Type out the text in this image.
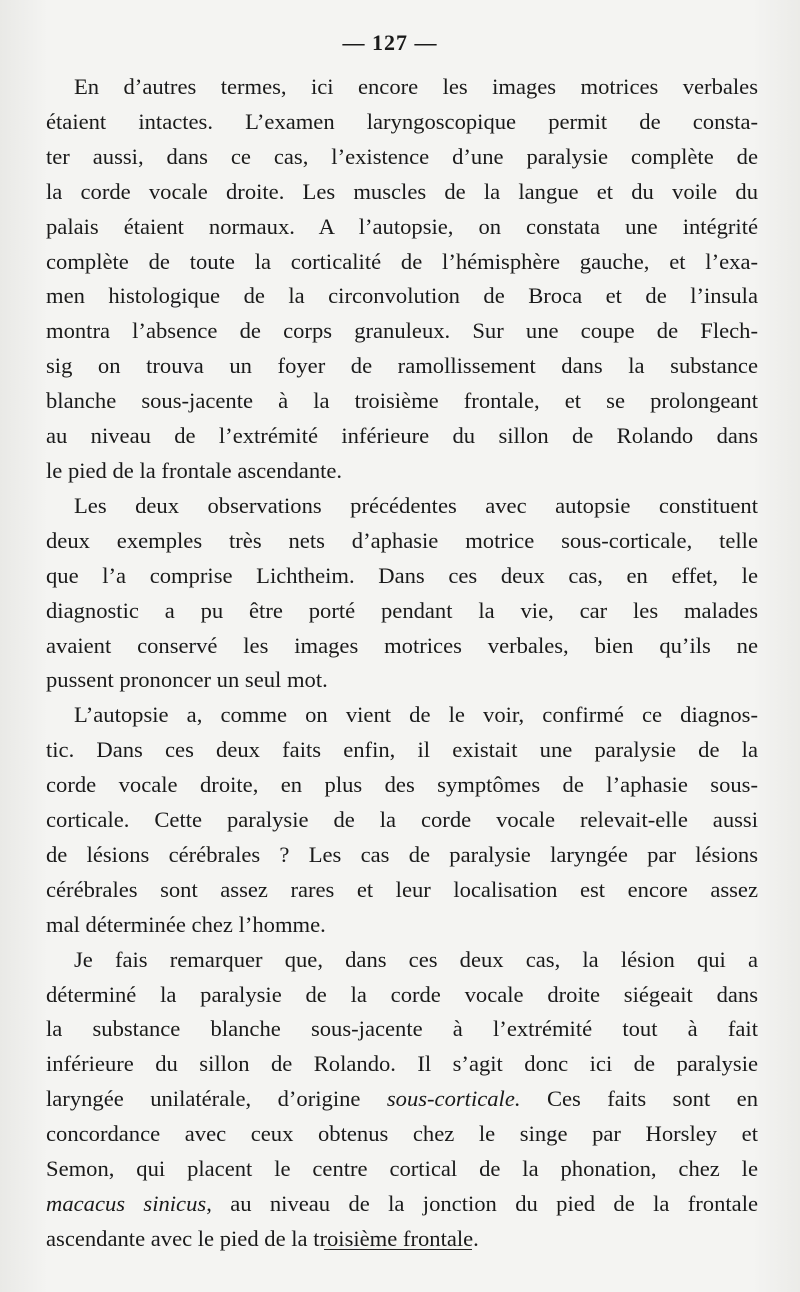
— 127 —

En d’autres termes, ici encore les images motrices verbales
étaient intactes. L’examen laryngoscopique permit de consta-
ter aussi, dans ce cas, l’existence d’une paralysie complète de
la corde vocale droite. Les muscles de la langue et du voile du
palais étaient normaux. A l’autopsie, on constata une intégrité
complète de toute la corticalité de l’hémisphère gauche, et l’exa-
men histologique de la circonvolution de Broca et de l’insula
montra l’absence de corps granuleux. Sur une coupe de Flech-
sig on trouva un foyer de ramollissement dans la substance
blanche sous-jacente à la troisième frontale, et se prolongeant
au niveau de l’extrémité inférieure du sillon de Rolando dans
le pied de la frontale ascendante.

Les deux observations précédentes avec autopsie constituent
deux exemples très nets d’aphasie motrice sous-corticale, telle
que l’a comprise Lichtheim. Dans ces deux cas, en effet, le
diagnostic a pu être porté pendant la vie, car les malades
avaient conservé les images motrices verbales, bien qu’ils ne
pussent prononcer un seul mot.

L’autopsie a, comme on vient de le voir, confirmé ce diagnos-
tic. Dans ces deux faits enfin, il existait une paralysie de la
corde vocale droite, en plus des symptômes de l’aphasie sous-
corticale. Cette paralysie de la corde vocale relevait-elle aussi
de lésions cérébrales ? Les cas de paralysie laryngée par lésions
cérébrales sont assez rares et leur localisation est encore assez
mal déterminée chez l’homme.

Je fais remarquer que, dans ces deux cas, la lésion qui a
déterminé la paralysie de la corde vocale droite siégeait dans
la substance blanche sous-jacente à l’extrémité tout à fait
inférieure du sillon de Rolando. Il s’agit donc ici de paralysie
laryngée unilatérale, d’origine sous-corticale. Ces faits sont en
concordance avec ceux obtenus chez le singe par Horsley et
Semon, qui placent le centre cortical de la phonation, chez le
macacus sinicus, au niveau de la jonction du pied de la frontale
ascendante avec le pied de la troisième frontale.
